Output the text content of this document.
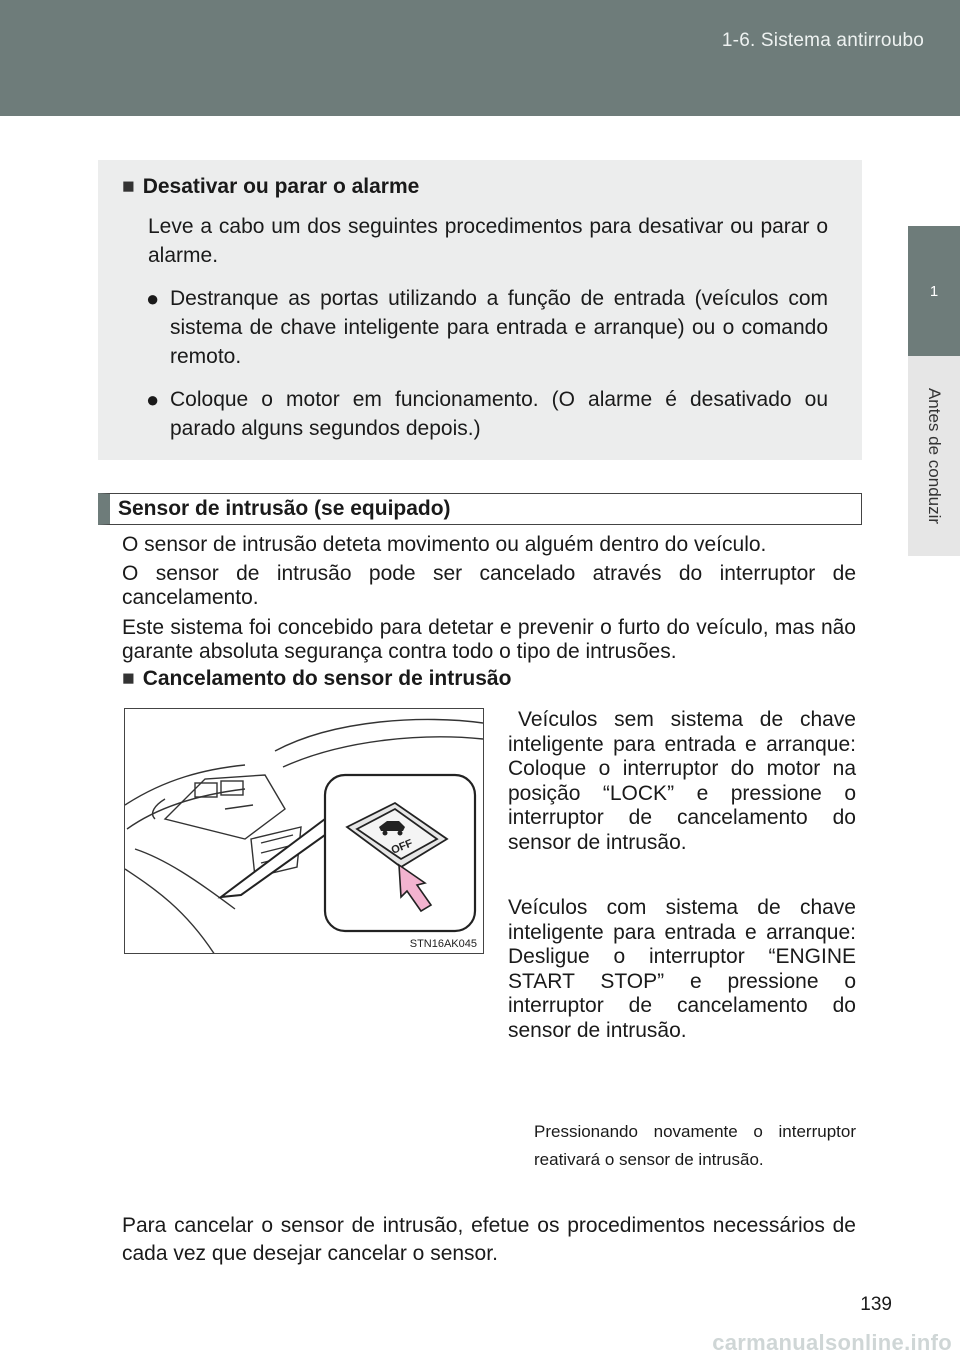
1-6. Sistema antirroubo
1
Antes de conduzir

■ Desativar ou parar o alarme

Leve a cabo um dos seguintes procedimentos para desativar ou parar o alarme.

● Destranque as portas utilizando a função de entrada (veículos com sistema de chave inteligente para entrada e arranque) ou o comando remoto.
● Coloque o motor em funcionamento. (O alarme é desativado ou parado alguns segundos depois.)
Sensor de intrusão (se equipado)

O sensor de intrusão deteta movimento ou alguém dentro do veículo.

O sensor de intrusão pode ser cancelado através do interruptor de cancelamento.

Este sistema foi concebido para detetar e prevenir o furto do veículo, mas não garante absoluta segurança contra todo o tipo de intrusões.

■ Cancelamento do sensor de intrusão
OFF
STN16AK045

Veículos sem sistema de chave inteligente para entrada e arranque: Coloque o interruptor do motor na posição “LOCK” e pressione o interruptor de cancelamento do sensor de intrusão.

Veículos com sistema de chave inteligente para entrada e arranque: Desligue o interruptor “ENGINE START STOP” e pressione o interruptor de cancelamento do sensor de intrusão.

Pressionando novamente o interruptor reativará o sensor de intrusão.

Para cancelar o sensor de intrusão, efetue os procedimentos necessários de cada vez que desejar cancelar o sensor.

139
carmanualsonline.info
